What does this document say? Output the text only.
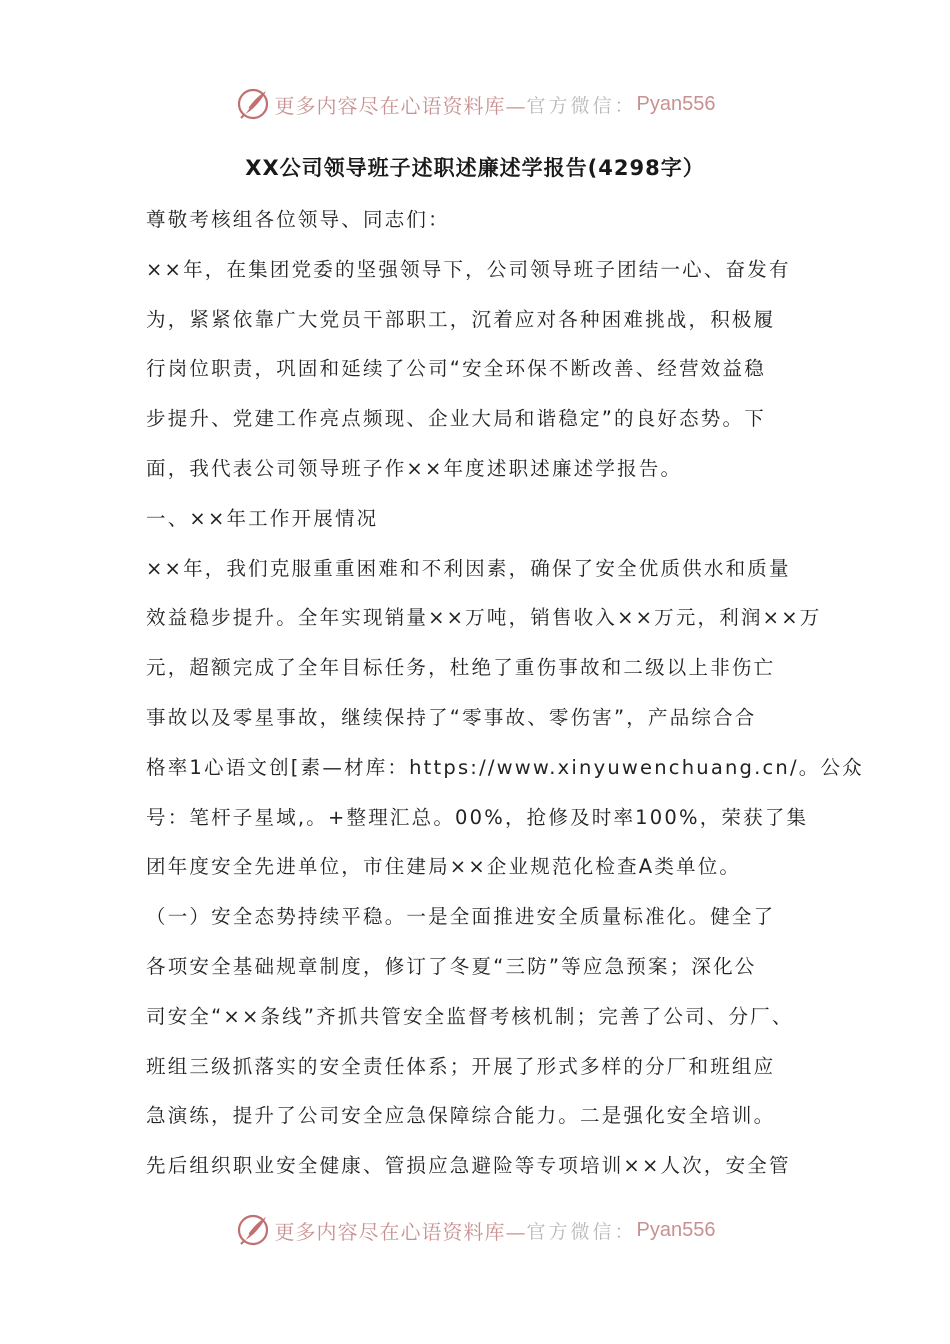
更多内容尽在心语资料库— 官方微信： Pyan556
XX公司领导班子述职述廉述学报告(4298字）
尊敬考核组各位领导、同志们：
××年，在集团党委的坚强领导下，公司领导班子团结一心、奋发有
为，紧紧依靠广大党员干部职工，沉着应对各种困难挑战，积极履
行岗位职责，巩固和延续了公司“安全环保不断改善、经营效益稳
步提升、党建工作亮点频现、企业大局和谐稳定”的良好态势。下
面，我代表公司领导班子作××年度述职述廉述学报告。
一、××年工作开展情况
××年，我们克服重重困难和不利因素，确保了安全优质供水和质量
效益稳步提升。全年实现销量××万吨，销售收入××万元，利润××万
元，超额完成了全年目标任务，杜绝了重伤事故和二级以上非伤亡
事故以及零星事故，继续保持了“零事故、零伤害”，产品综合合
格率1心语文创[素—材库：https://www.xinyuwenchuang.cn/。公众
号：笔杆子星域,。+整理汇总。00%，抢修及时率100%，荣获了集
团年度安全先进单位，市住建局××企业规范化检查A类单位。
（一）安全态势持续平稳。一是全面推进安全质量标准化。健全了
各项安全基础规章制度，修订了冬夏“三防”等应急预案；深化公
司安全“××条线”齐抓共管安全监督考核机制；完善了公司、分厂、
班组三级抓落实的安全责任体系；开展了形式多样的分厂和班组应
急演练，提升了公司安全应急保障综合能力。二是强化安全培训。
先后组织职业安全健康、管损应急避险等专项培训××人次，安全管
更多内容尽在心语资料库— 官方微信： Pyan556
